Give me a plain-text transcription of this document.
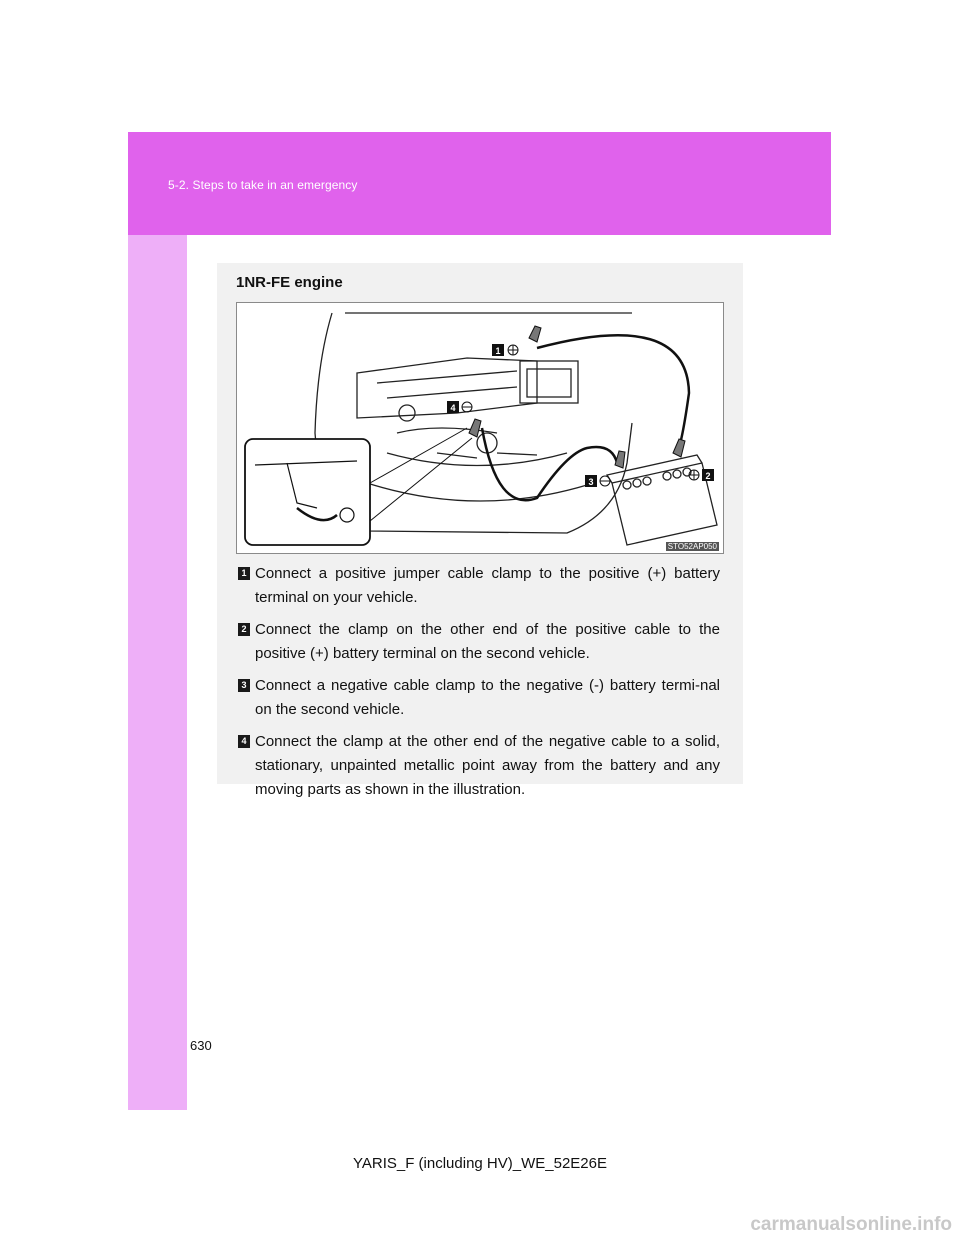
5-2. Steps to take in an emergency
1NR-FE engine
1
2
3
4
STO52AP050
1 Connect a positive jumper cable clamp to the positive (+) battery terminal on your vehicle.
2 Connect the clamp on the other end of the positive cable to the positive (+) battery terminal on the second vehicle.
3 Connect a negative cable clamp to the negative (-) battery termi-nal on the second vehicle.
4 Connect the clamp at the other end of the negative cable to a solid, stationary, unpainted metallic point away from the battery and any moving parts as shown in the illustration.
630
YARIS_F (including HV)_WE_52E26E
carmanualsonline.info
